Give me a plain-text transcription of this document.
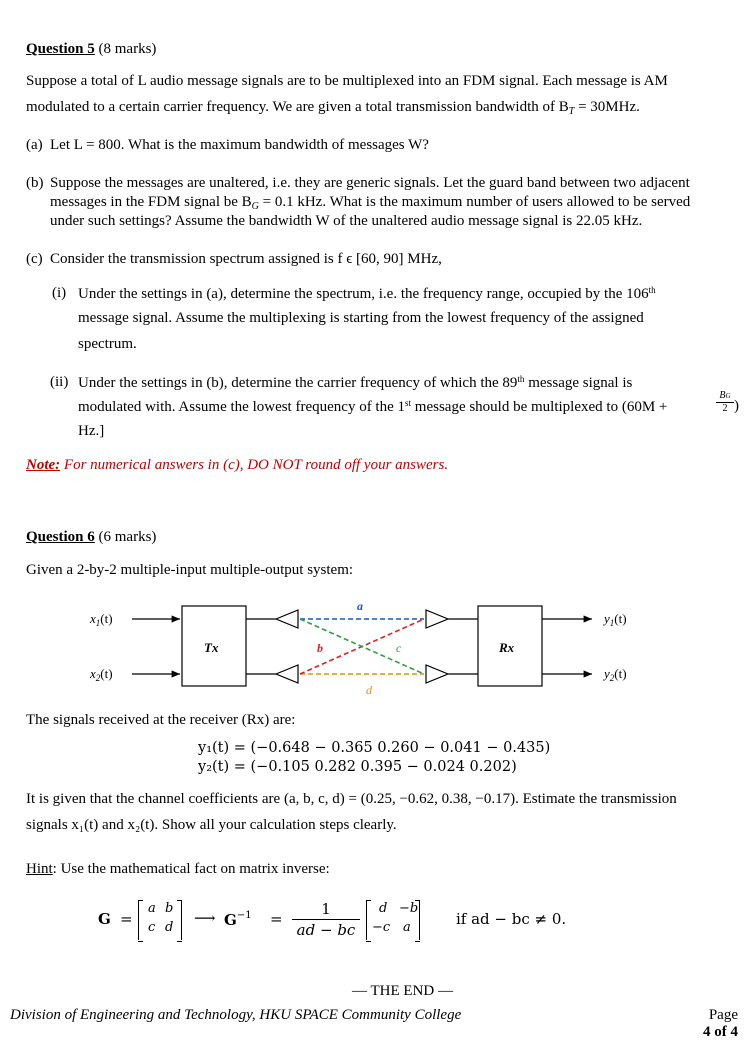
Question 5 (8 marks)
Suppose a total of L audio message signals are to be multiplexed into an FDM signal. Each message is AM
modulated to a certain carrier frequency. We are given a total transmission bandwidth of $B_T = 30MHz$.
(a) Let L = 800. What is the maximum bandwidth of messages W?
(b) Suppose the messages are unaltered, i.e. they are generic signals. Let the guard band between two adjacent
messages in the FDM signal be $B_G = 0.1$ kHz. What is the maximum number of users allowed to be served
under such settings? Assume the bandwidth W of the unaltered audio message signal is 22.05 kHz.
(c) Consider the transmission spectrum assigned is f ϵ [60, 90] MHz,
(i) Under the settings in (a), determine the spectrum, i.e. the frequency range, occupied by the 106th
message signal. Assume the multiplexing is starting from the lowest frequency of the assigned
spectrum.
(ii) Under the settings in (b), determine the carrier frequency of which the 89th message signal is
modulated with. Assume the lowest frequency of the 1st message should be multiplexed to (60M +	$\frac{BG}{2}$ )
Hz.]
Note: For numerical answers in (c), DO NOT round off your answers.
Question 6 (6 marks)
Given a 2-by-2 multiple-input multiple-output system:
$x_1(t)$
$x_2(t)$
Tx
a
b	c
d
Rx
$y_1(t)$
$y_2(t)$
The signals received at the receiver (Rx) are:
y₁(t) = (−0.648 − 0.365 0.260 − 0.041 − 0.435)
y₂(t) = (−0.105 0.282 0.395 − 0.024 0.202)
It is given that the channel coefficients are (a, b, c, d) = (0.25, −0.62, 0.38, −0.17). Estimate the transmission
signals x₁(t) and x₂(t). Show all your calculation steps clearly.
Hint: Use the mathematical fact on matrix inverse:
G =
a b
c d
⟶ $G^{-1} = \frac{1}{ad - bc}$ d −b
−c a	if ad − bc ≠ 0.
— THE END —
Division of Engineering and Technology, HKU SPACE Community College	Page
4 of 4
